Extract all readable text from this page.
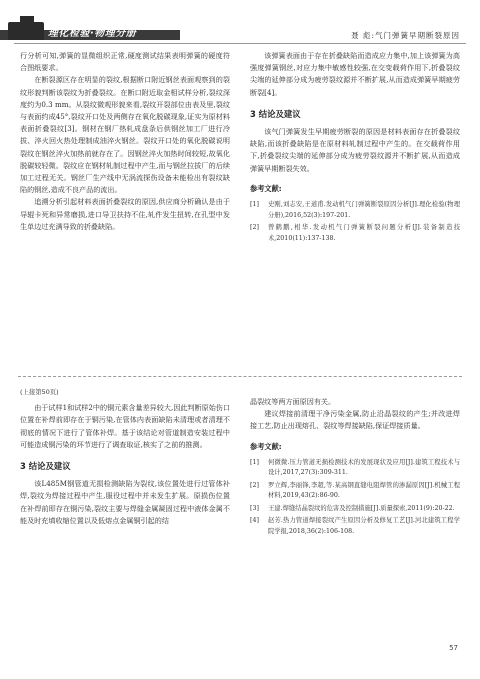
理化检验·物理分册	聂 彪:气门弹簧早期断裂原因

行分析可知,弹簧的显微组织正常,硬度测试结果表明弹簧的硬度符合图纸要求。

在断裂源区存在明显的裂纹,根据断口附近钢丝表面观察到的裂纹形貌判断该裂纹为折叠裂纹。在断口附近取金相试样分析,裂纹深度约为0.3 mm。从裂纹微观形貌来看,裂纹开裂部位由表及里,裂纹与表面约成45°,裂纹开口处及两侧存在氧化脱碳现象,证实为原材料表面折叠裂纹[3]。钢材在钢厂热轧成盘条后供钢丝加工厂进行冷拔、淬火回火热处理制成油淬火钢丝。裂纹开口处的氧化脱碳说明裂纹在钢丝淬火加热前就存在了。因钢丝淬火加热时间较短,故氧化脱碳较轻微。裂纹应在钢材轧制过程中产生,而与钢丝拉拔厂的后续加工过程无关。钢丝厂生产线中无涡流探伤设备未能检出有裂纹缺陷的钢丝,造成不良产品的流出。

追溯分析引起材料表面折叠裂纹的原因,供应商分析确认是由于导辊卡死和异常磨损,进口导卫扶持不住,轧件发生扭转,在孔型中发生单边过充满导致的折叠缺陷。

该弹簧表面由于存在折叠缺陷而造成应力集中,加上该弹簧为高强度弹簧钢丝,对应力集中敏感性较强,在交变载荷作用下,折叠裂纹尖端的延伸部分成为疲劳裂纹源并不断扩展,从而造成弹簧早期疲劳断裂[4]。

3 结论及建议

该气门弹簧发生早期疲劳断裂的原因是材料表面存在折叠裂纹缺陷,而该折叠缺陷是在原材料轧制过程中产生的。在交载荷作用下,折叠裂纹尖端的延伸部分成为疲劳裂纹源并不断扩展,从而造成弹簧早期断裂失效。

参考文献:
[1] 史刚,刘志安,王道甫.发动机气门弹簧断裂原因分析[J].理化检验(物理分册),2016,52(3):197-201.
[2] 曾鹤鹏,相华.发动机气门弹簧断裂问题分析[J].装备制造技术,2010(11):137-138.
(上接第50页)

由于试样1和试样2中的铜元素含量差异较大,因此判断原始伤口位置在补焊前即存在于铜污染,在管体内表面缺陷未清理或者清理不彻底的情况下进行了管体补焊。基于该结论对管道制造安装过程中可能造成铜污染的环节进行了调查取证,核实了之前的推测。

3 结论及建议

该L485M钢管道无损检测缺陷为裂纹,该位置处进行过管体补焊,裂纹为焊接过程中产生,服役过程中并未发生扩展。原损伤位置在补焊前即存在铜污染,裂纹主要与焊缝金属凝固过程中液体金属不能及时充填收缩位置以及低熔点金属铜引起的结

晶裂纹等两方面原因有关。

建议焊接前清理干净污染金属,防止沿晶裂纹的产生;并改进焊接工艺,防止出现熔孔、裂纹等焊接缺陷,保证焊接质量。

参考文献:
[1] 何微微.压力管道无损检测技术的发展现状及应用[J].建筑工程技术与设计,2017,27(3):309-311.
[2] 罗立辉,李丽锋,李超,等.某高钢直缝电阻焊管的渗漏原因[J].机械工程材料,2019,43(2):86-90.
[3] 王建.焊缝结晶裂纹的危害及控制措施[J].质量探索,2011(9):20-22.
[4] 赵芳.热力管道焊接裂纹产生原因分析及修复工艺[J].河北建筑工程学院学报,2018,36(2):106-108.
57
